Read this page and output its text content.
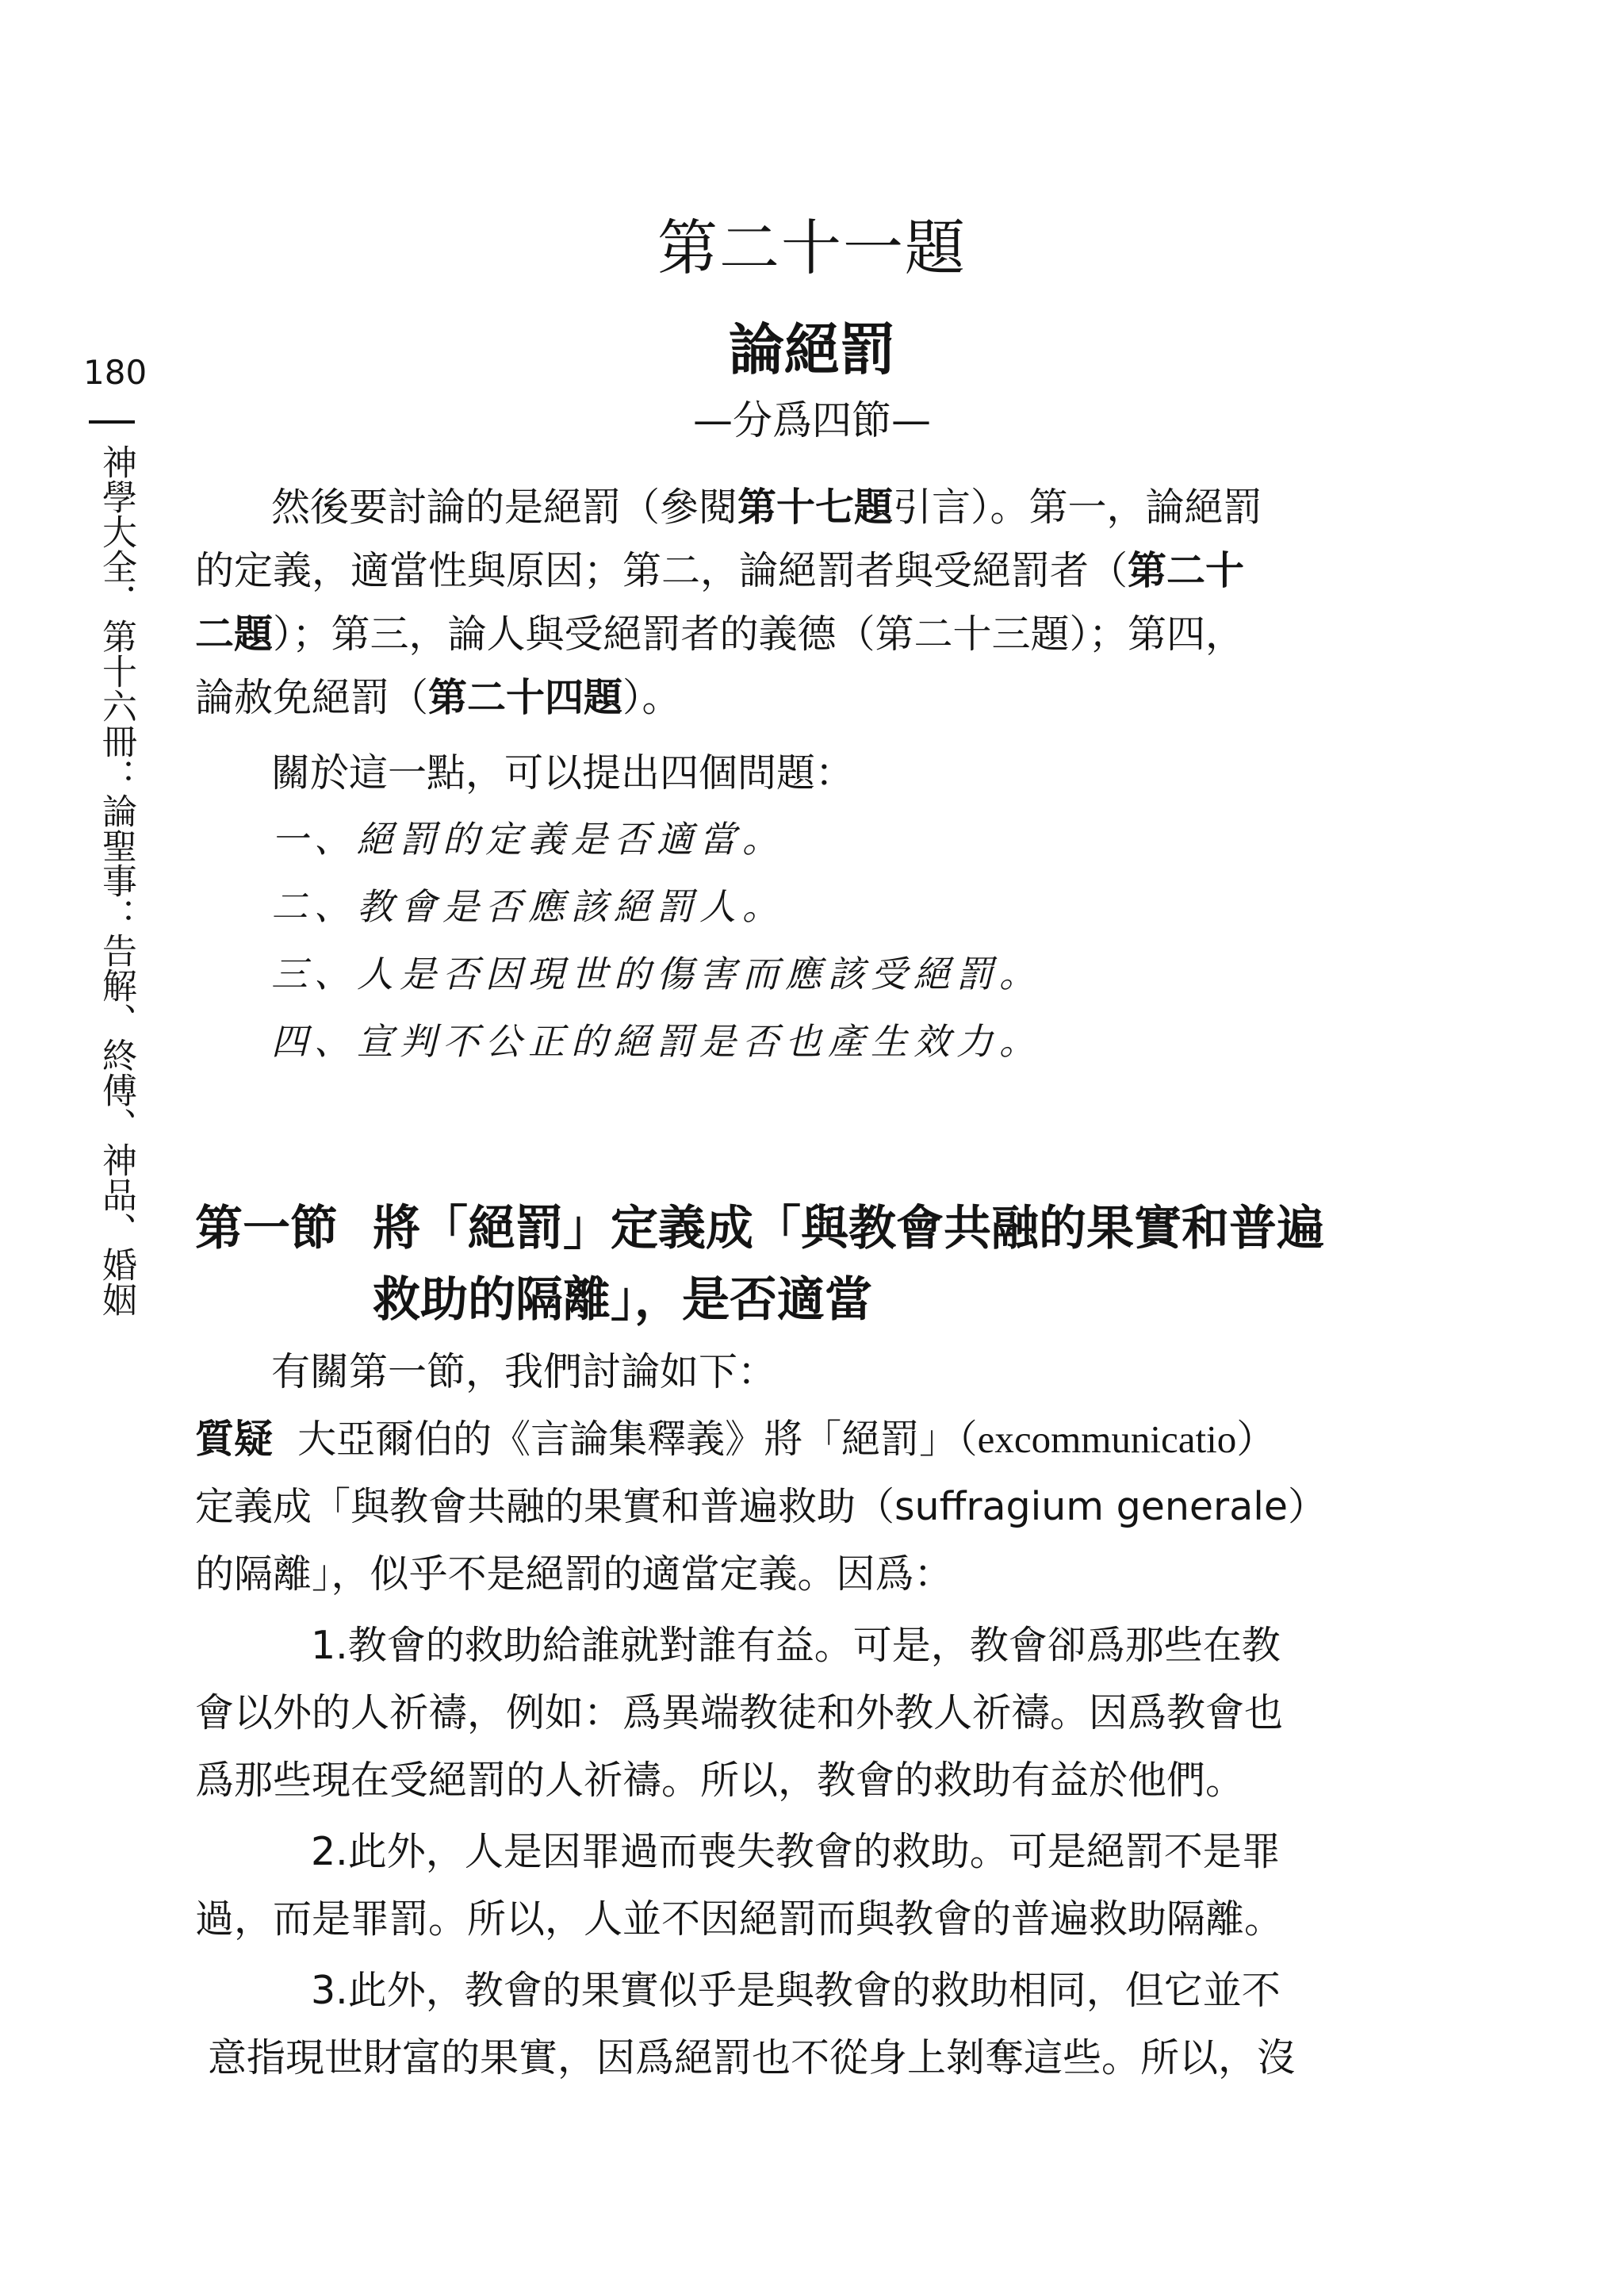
第二十一題
論絕罰
—分爲四節—
180
神學大全．第十六冊：論聖事：告解、終傅、神品、婚姻	然後要討論的是絕罰（參閱第十七題引言）。第一，論絕罰
的定義，適當性與原因；第二，論絕罰者與受絕罰者（第二十
二題）；第三，論人與受絕罰者的義德（第二十三題）；第四，
論赦免絕罰（第二十四題）。
關於這一點，可以提出四個問題：
一、絕罰的定義是否適當。
二、教會是否應該絕罰人。
三、人是否因現世的傷害而應該受絕罰。
四、宣判不公正的絕罰是否也產生效力。
第一節 將「絕罰」定義成「與教會共融的果實和普遍
救助的隔離」，是否適當
有關第一節，我們討論如下：
質疑 大亞爾伯的《言論集釋義》將「絕罰」（excommunicatio）
定義成「與教會共融的果實和普遍救助（suffragium generale）
的隔離」，似乎不是絕罰的適當定義。因爲：
1.教會的救助給誰就對誰有益。可是，教會卻爲那些在教
會以外的人祈禱，例如：爲異端教徒和外教人祈禱。因爲教會也
爲那些現在受絕罰的人祈禱。所以，教會的救助有益於他們。
2.此外，人是因罪過而喪失教會的救助。可是絕罰不是罪
過，而是罪罰。所以，人並不因絕罰而與教會的普遍救助隔離。
3.此外，教會的果實似乎是與教會的救助相同，但它並不
意指現世財富的果實，因爲絕罰也不從身上剝奪這些。所以，沒
